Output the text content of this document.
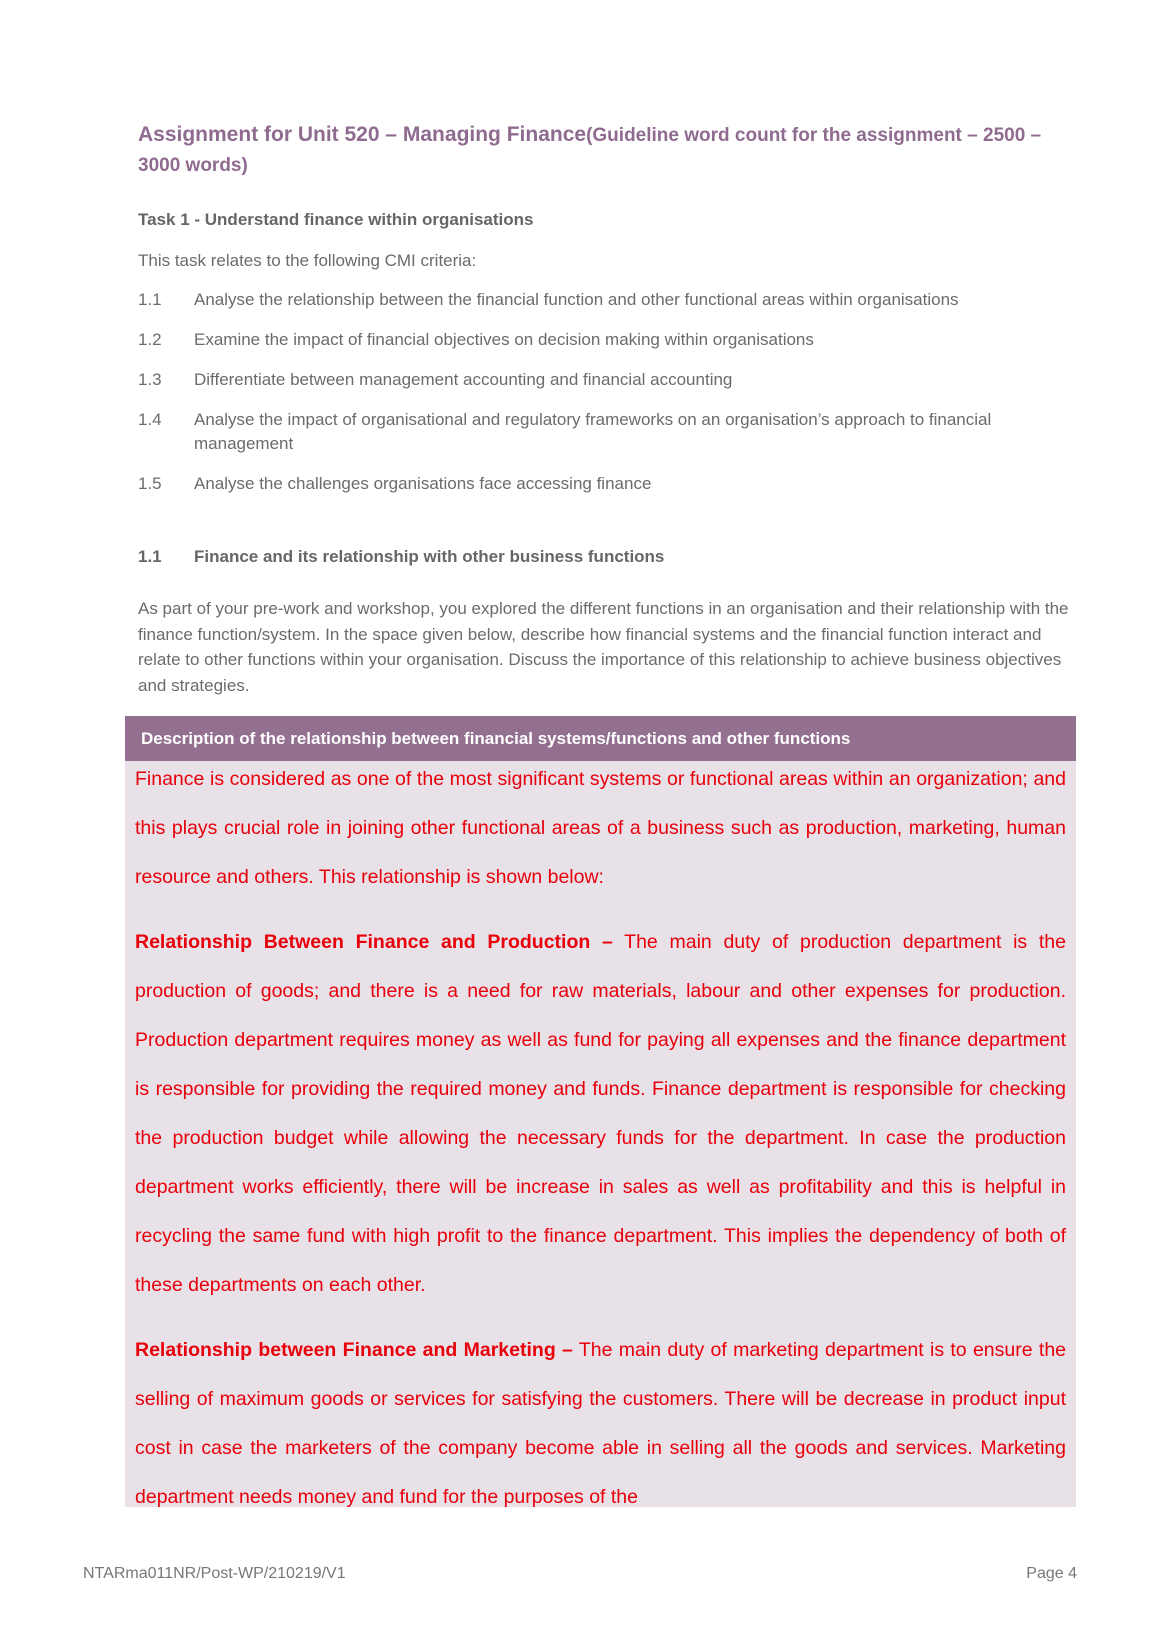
Assignment for Unit 520 – Managing Finance(Guideline word count for the assignment – 2500 – 3000 words)
Task 1 - Understand finance within organisations
This task relates to the following CMI criteria:
1.1	Analyse the relationship between the financial function and other functional areas within organisations
1.2	Examine the impact of financial objectives on decision making within organisations
1.3	Differentiate between management accounting and financial accounting
1.4	Analyse the impact of organisational and regulatory frameworks on an organisation’s approach to financial management
1.5	Analyse the challenges organisations face accessing finance
1.1	Finance and its relationship with other business functions
As part of your pre-work and workshop, you explored the different functions in an organisation and their relationship with the finance function/system. In the space given below, describe how financial systems and the financial function interact and relate to other functions within your organisation. Discuss the importance of this relationship to achieve business objectives and strategies.
Description of the relationship between financial systems/functions and other functions

Finance is considered as one of the most significant systems or functional areas within an organization; and this plays crucial role in joining other functional areas of a business such as production, marketing, human resource and others. This relationship is shown below:

Relationship Between Finance and Production – The main duty of production department is the production of goods; and there is a need for raw materials, labour and other expenses for production. Production department requires money as well as fund for paying all expenses and the finance department is responsible for providing the required money and funds. Finance department is responsible for checking the production budget while allowing the necessary funds for the department. In case the production department works efficiently, there will be increase in sales as well as profitability and this is helpful in recycling the same fund with high profit to the finance department. This implies the dependency of both of these departments on each other.

Relationship between Finance and Marketing – The main duty of marketing department is to ensure the selling of maximum goods or services for satisfying the customers. There will be decrease in product input cost in case the marketers of the company become able in selling all the goods and services. Marketing department needs money and fund for the purposes of the

NTARma011NR/Post-WP/210219/V1	Page 4
